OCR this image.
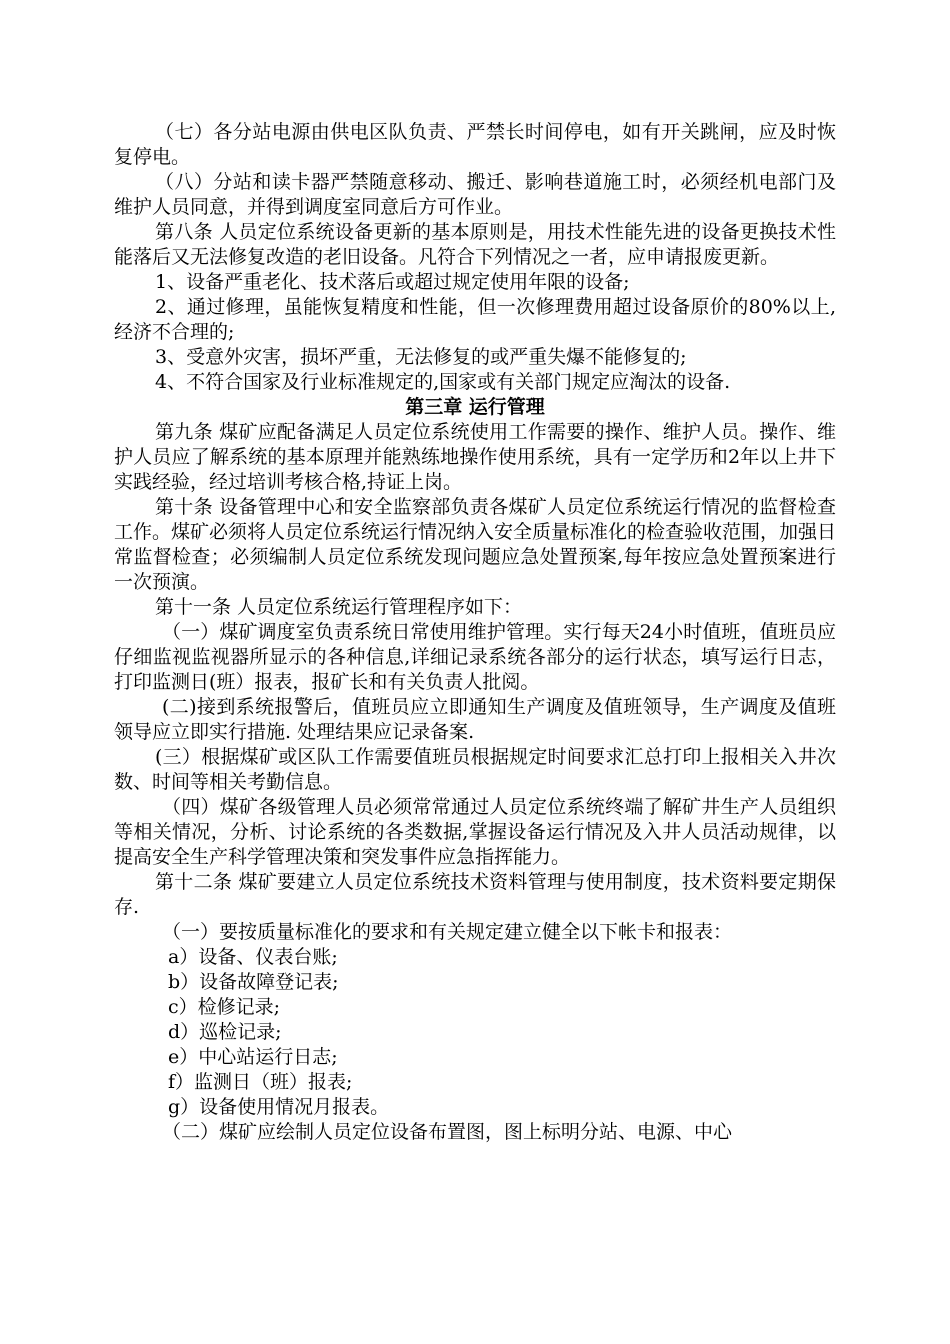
（七）各分站电源由供电区队负责、严禁长时间停电，如有开关跳闸，应及时恢复停电。

（八）分站和读卡器严禁随意移动、搬迁、影响巷道施工时，必须经机电部门及维护人员同意，并得到调度室同意后方可作业。

第八条 人员定位系统设备更新的基本原则是，用技术性能先进的设备更换技术性能落后又无法修复改造的老旧设备。凡符合下列情况之一者，应申请报废更新。

1、设备严重老化、技术落后或超过规定使用年限的设备;

2、通过修理，虽能恢复精度和性能，但一次修理费用超过设备原价的80%以上,经济不合理的;

3、受意外灾害，损坏严重，无法修复的或严重失爆不能修复的;

4、不符合国家及行业标准规定的,国家或有关部门规定应淘汰的设备.

第三章 运行管理

第九条 煤矿应配备满足人员定位系统使用工作需要的操作、维护人员。操作、维护人员应了解系统的基本原理并能熟练地操作使用系统，具有一定学历和2年以上井下实践经验，经过培训考核合格,持证上岗。

第十条 设备管理中心和安全监察部负责各煤矿人员定位系统运行情况的监督检查工作。煤矿必须将人员定位系统运行情况纳入安全质量标准化的检查验收范围，加强日常监督检查；必须编制人员定位系统发现问题应急处置预案,每年按应急处置预案进行一次预演。

第十一条 人员定位系统运行管理程序如下：

（一）煤矿调度室负责系统日常使用维护管理。实行每天24小时值班，值班员应仔细监视监视器所显示的各种信息,详细记录系统各部分的运行状态，填写运行日志，打印监测日(班）报表，报矿长和有关负责人批阅。

(二)接到系统报警后，值班员应立即通知生产调度及值班领导，生产调度及值班领导应立即实行措施. 处理结果应记录备案.

(三）根据煤矿或区队工作需要值班员根据规定时间要求汇总打印上报相关入井次数、时间等相关考勤信息。

（四）煤矿各级管理人员必须常常通过人员定位系统终端了解矿井生产人员组织等相关情况，分析、讨论系统的各类数据,掌握设备运行情况及入井人员活动规律，以提高安全生产科学管理决策和突发事件应急指挥能力。

第十二条 煤矿要建立人员定位系统技术资料管理与使用制度，技术资料要定期保存.

（一）要按质量标准化的要求和有关规定建立健全以下帐卡和报表：

a）设备、仪表台账;

b）设备故障登记表;

c）检修记录;

d）巡检记录;

e）中心站运行日志;

f）监测日（班）报表;

g）设备使用情况月报表。

（二）煤矿应绘制人员定位设备布置图，图上标明分站、电源、中心
